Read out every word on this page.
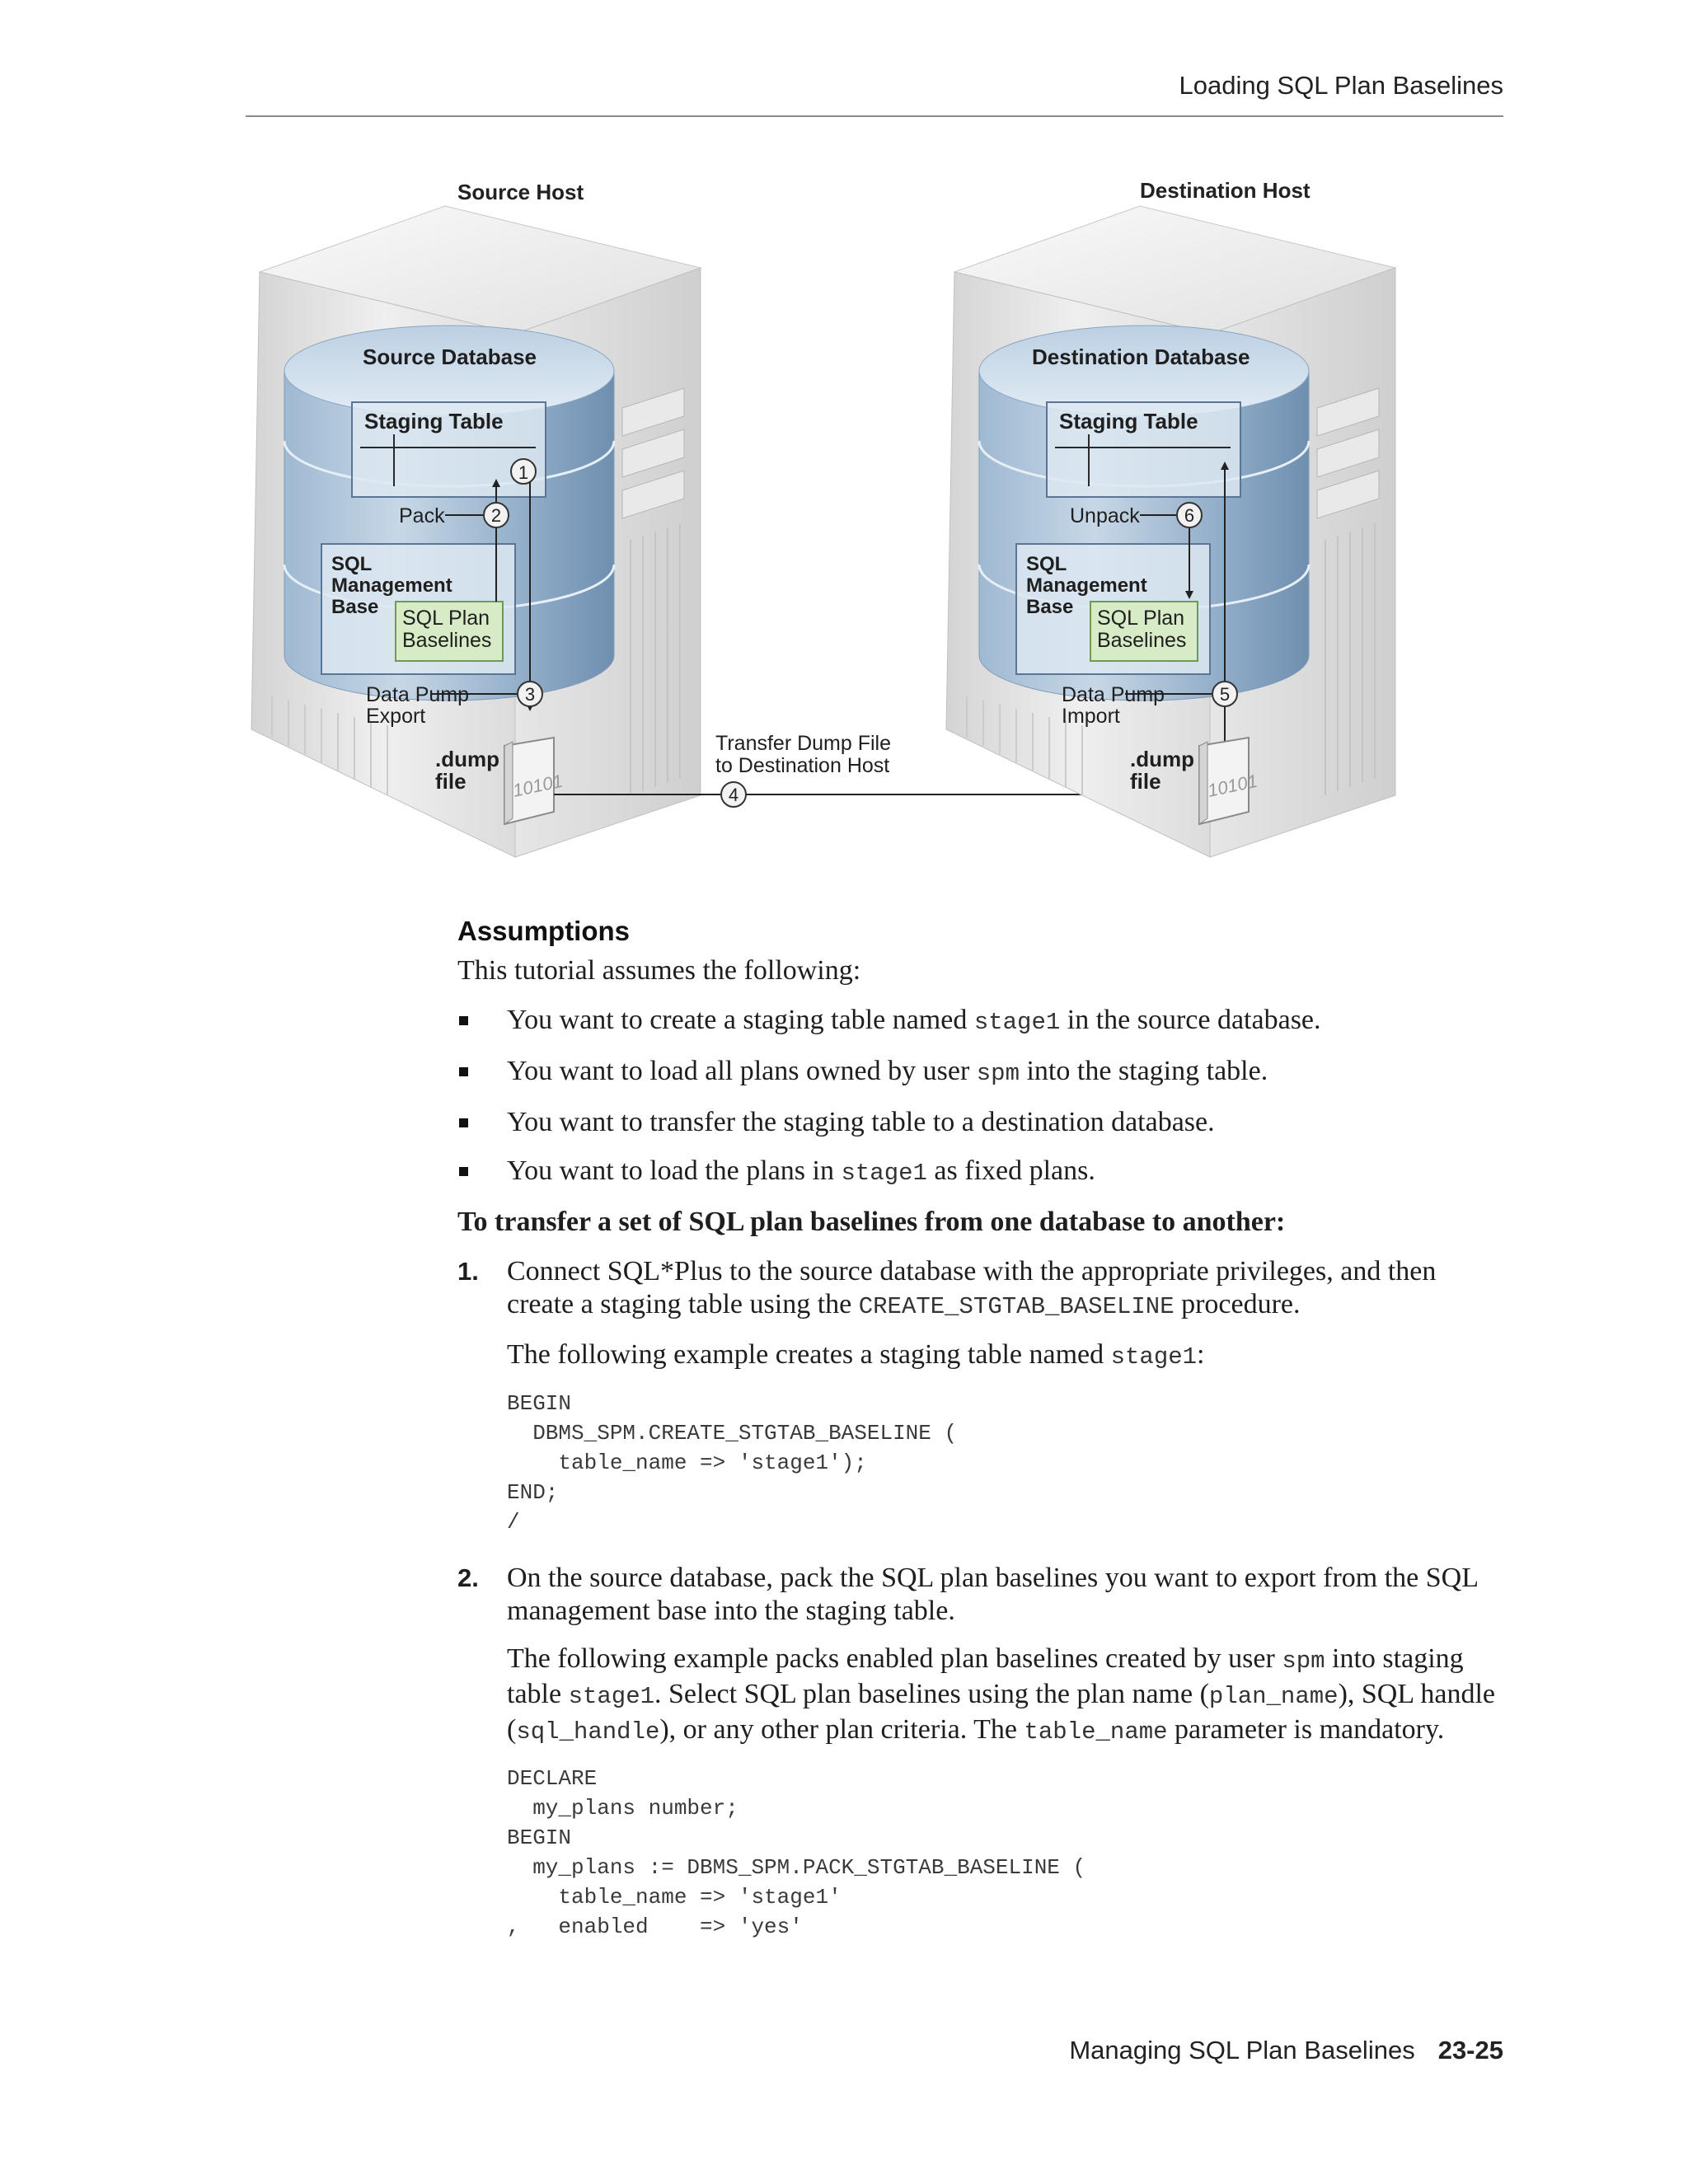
Loading SQL Plan Baselines
Source Host
Source Database
Staging Table
SQL
Management
Base SQL Plan
Baselines
Pack
Data Pump
Export
1
2
3
.dump
file 10101	4
Transfer Dump File
to Destination Host
Destination Host
Destination Database
Staging Table
SQL
Management
Base SQL Plan
Baselines
Unpack
Data Pump
Import
5
6
.dump
file 10101
Assumptions

This tutorial assumes the following:

You want to create a staging table named stage1 in the source database.
You want to load all plans owned by user spm into the staging table.
You want to transfer the staging table to a destination database.
You want to load the plans in stage1 as fixed plans.

To transfer a set of SQL plan baselines from one database to another:

1. Connect SQL*Plus to the source database with the appropriate privileges, and then create a staging table using the CREATE_STGTAB_BASELINE procedure.

The following example creates a staging table named stage1:

BEGIN
DBMS_SPM.CREATE_STGTAB_BASELINE (
table_name => 'stage1');
END;
/
2. On the source database, pack the SQL plan baselines you want to export from the SQL management base into the staging table.

The following example packs enabled plan baselines created by user spm into staging table stage1. Select SQL plan baselines using the plan name (plan_name), SQL handle (sql_handle), or any other plan criteria. The table_name parameter is mandatory.

DECLARE
my_plans number;
BEGIN
my_plans := DBMS_SPM.PACK_STGTAB_BASELINE (
table_name => 'stage1'
,   enabled    => 'yes'
Managing SQL Plan Baselines 23-25
